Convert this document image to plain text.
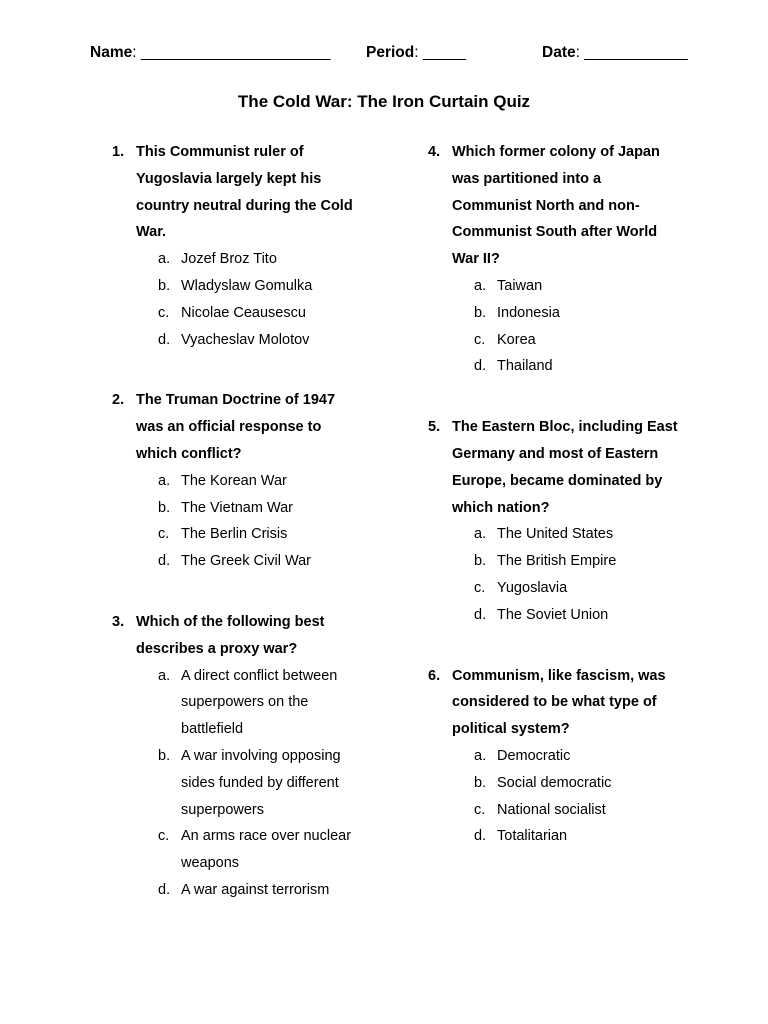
Name: ______________________ Period: _____	Date: ____________
The Cold War: The Iron Curtain Quiz
1. This Communist ruler of Yugoslavia largely kept his country neutral during the Cold War.
a. Jozef Broz Tito
b. Wladyslaw Gomulka
c. Nicolae Ceausescu
d. Vyacheslav Molotov
2. The Truman Doctrine of 1947 was an official response to which conflict?
a. The Korean War
b. The Vietnam War
c. The Berlin Crisis
d. The Greek Civil War
3. Which of the following best describes a proxy war?
a. A direct conflict between superpowers on the battlefield
b. A war involving opposing sides funded by different superpowers
c. An arms race over nuclear weapons
d. A war against terrorism
4. Which former colony of Japan was partitioned into a Communist North and non-Communist South after World War II?
a. Taiwan
b. Indonesia
c. Korea
d. Thailand
5. The Eastern Bloc, including East Germany and most of Eastern Europe, became dominated by which nation?
a. The United States
b. The British Empire
c. Yugoslavia
d. The Soviet Union
6. Communism, like fascism, was considered to be what type of political system?
a. Democratic
b. Social democratic
c. National socialist
d. Totalitarian
